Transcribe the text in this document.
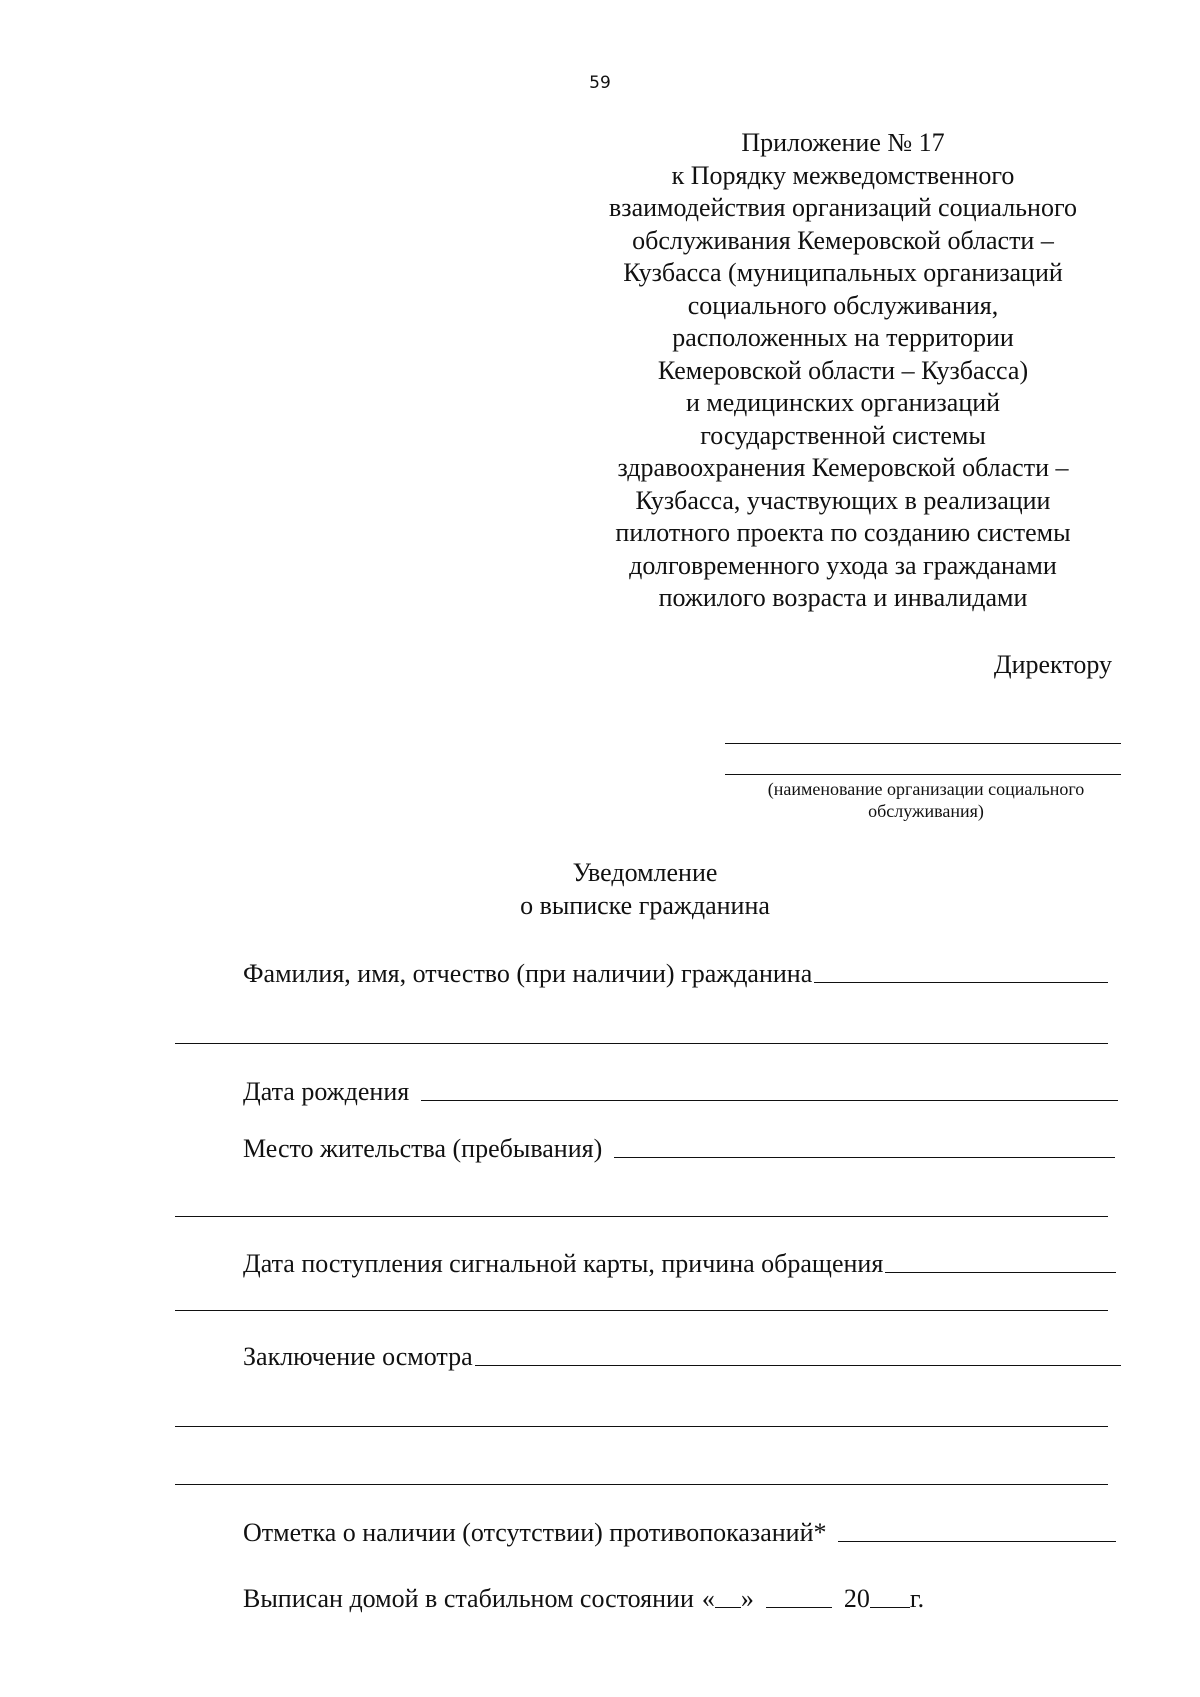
59
Приложение № 17
к Порядку межведомственного
взаимодействия организаций социального
обслуживания Кемеровской области –
Кузбасса (муниципальных организаций
социального обслуживания,
расположенных на территории
Кемеровской области – Кузбасса)
и медицинских организаций
государственной системы
здравоохранения Кемеровской области –
Кузбасса, участвующих в реализации
пилотного проекта по созданию системы
долговременного ухода за гражданами
пожилого возраста и инвалидами
Директору
(наименование организации социального
обслуживания)
Уведомление
о выписке гражданина
Фамилия, имя, отчество (при наличии) гражданина
Дата рождения
Место жительства (пребывания)
Дата поступления сигнальной карты, причина обращения
Заключение осмотра
Отметка о наличии (отсутствии) противопоказаний*
Выписан домой в стабильном состоянии « »	20 г.
